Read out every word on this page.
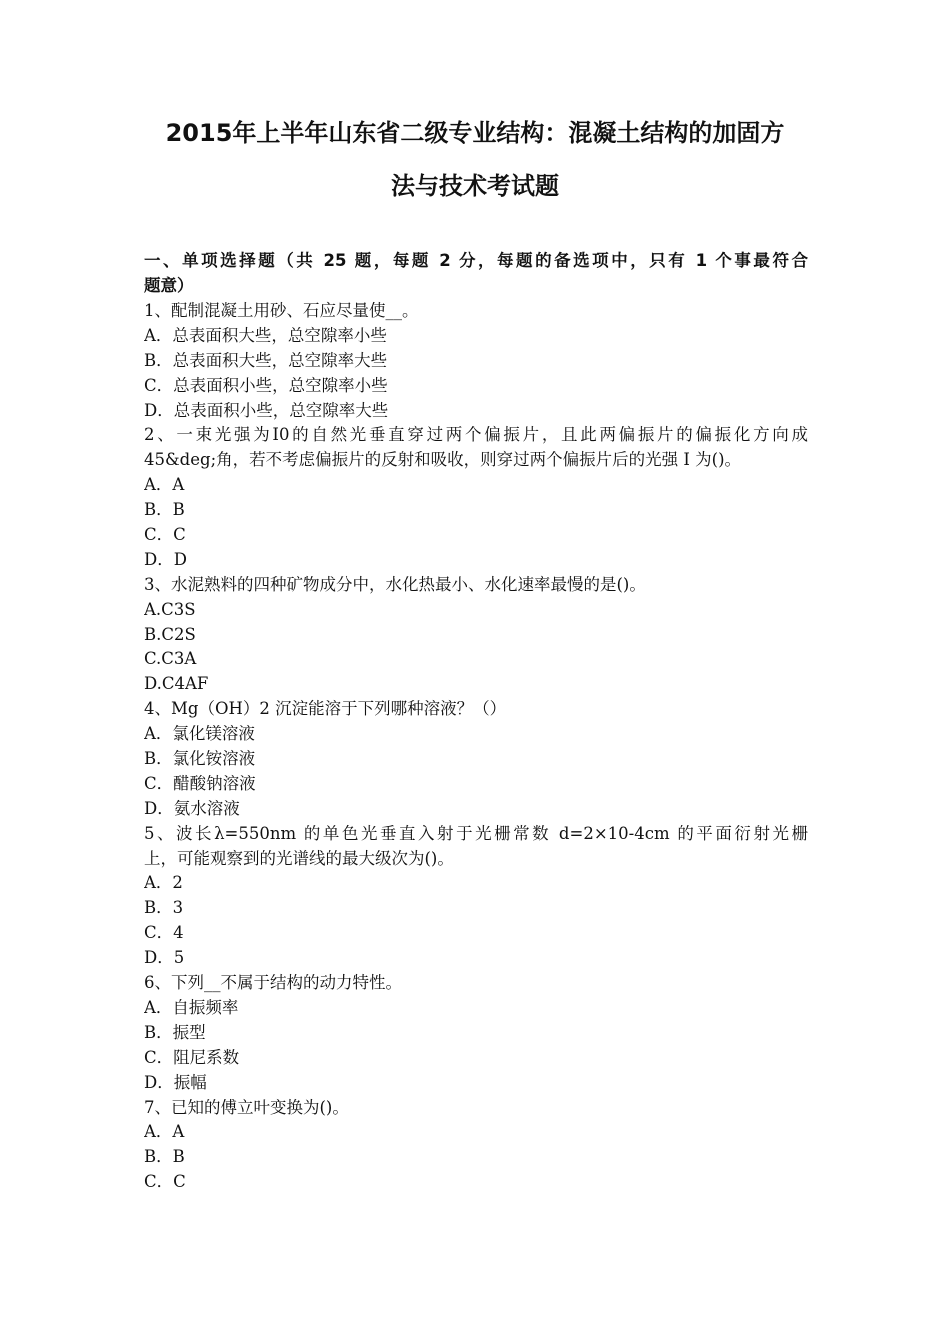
2015年上半年山东省二级专业结构：混凝土结构的加固方
法与技术考试题
一、单项选择题（共 25 题，每题 2 分，每题的备选项中，只有 1 个事最符合
题意）
1、配制混凝土用砂、石应尽量使__。
A．总表面积大些，总空隙率小些
B．总表面积大些，总空隙率大些
C．总表面积小些，总空隙率小些
D．总表面积小些，总空隙率大些
2、一束光强为I0的自然光垂直穿过两个偏振片，且此两偏振片的偏振化方向成
45&deg;角，若不考虑偏振片的反射和吸收，则穿过两个偏振片后的光强 I 为()。
A．A
B．B
C．C
D．D
3、水泥熟料的四种矿物成分中，水化热最小、水化速率最慢的是()。
A.C3S
B.C2S
C.C3A
D.C4AF
4、Mg（OH）2 沉淀能溶于下列哪种溶液？（）
A．氯化镁溶液
B．氯化铵溶液
C．醋酸钠溶液
D．氨水溶液
5、波长λ=550nm 的单色光垂直入射于光栅常数 d=2×10-4cm 的平面衍射光栅
上，可能观察到的光谱线的最大级次为()。
A．2
B．3
C．4
D．5
6、下列__不属于结构的动力特性。
A．自振频率
B．振型
C．阻尼系数
D．振幅
7、已知的傅立叶变换为()。
A．A
B．B
C．C
